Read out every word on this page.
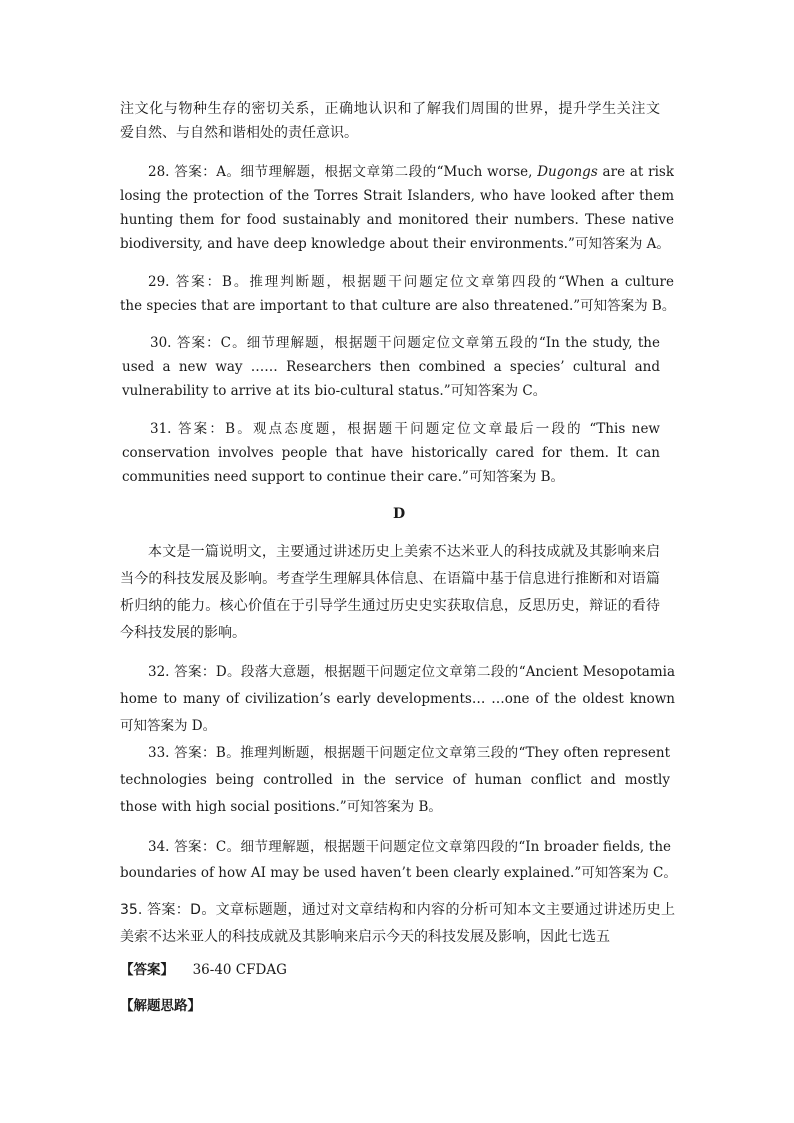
注文化与物种生存的密切关系，正确地认识和了解我们周围的世界，提升学生关注文
爱自然、与自然和谐相处的责任意识。
28. 答案：A。细节理解题，根据文章第二段的“Much worse, Dugongs are at risk
losing the protection of the Torres Strait Islanders, who have looked after them
hunting them for food sustainably and monitored their numbers. These native
biodiversity, and have deep knowledge about their environments.”可知答案为 A。
29. 答案：B。推理判断题，根据题干问题定位文章第四段的“When a culture
the species that are important to that culture are also threatened.”可知答案为 B。
30. 答案：C。细节理解题，根据题干问题定位文章第五段的“In the study, the
used a new way …… Researchers then combined a species’ cultural and
vulnerability to arrive at its bio-cultural status.”可知答案为 C。
31. 答案：B。观点态度题，根据题干问题定位文章最后一段的 “This new
conservation involves people that have historically cared for them. It can
communities need support to continue their care.”可知答案为 B。
D
本文是一篇说明文，主要通过讲述历史上美索不达米亚人的科技成就及其影响来启
当今的科技发展及影响。考查学生理解具体信息、在语篇中基于信息进行推断和对语篇
析归纳的能力。核心价值在于引导学生通过历史史实获取信息，反思历史，辩证的看待
今科技发展的影响。
32. 答案：D。段落大意题，根据题干问题定位文章第二段的“Ancient Mesopotamia
home to many of civilization’s early developments… …one of the oldest known
可知答案为 D。
33. 答案：B。推理判断题，根据题干问题定位文章第三段的“They often represent
technologies being controlled in the service of human conflict and mostly
those with high social positions.”可知答案为 B。
34. 答案：C。细节理解题，根据题干问题定位文章第四段的“In broader fields, the
boundaries of how AI may be used haven’t been clearly explained.”可知答案为 C。
35. 答案：D。文章标题题，通过对文章结构和内容的分析可知本文主要通过讲述历史上
美索不达米亚人的科技成就及其影响来启示今天的科技发展及影响，因此七选五
【答案】 36-40 CFDAG
【解题思路】
